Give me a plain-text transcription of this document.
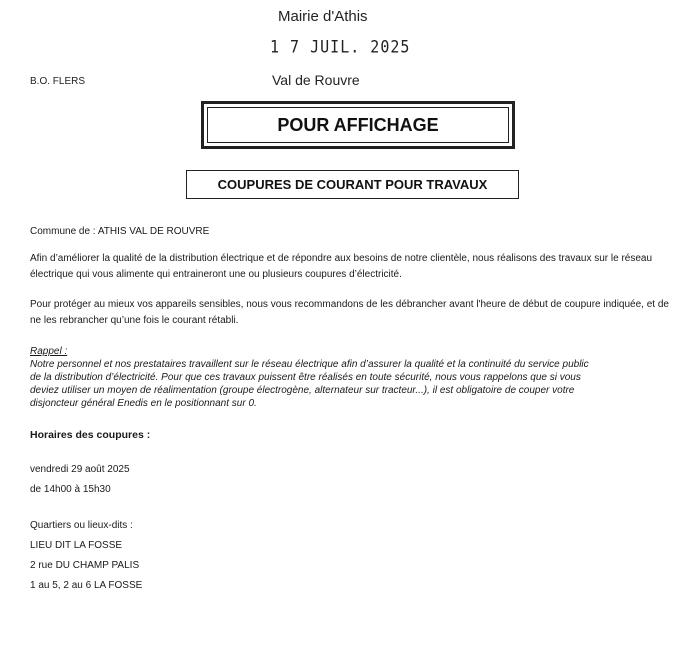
Mairie d'Athis
1 7 JUIL. 2025
Val de Rouvre
B.O. FLERS
POUR AFFICHAGE
COUPURES DE COURANT POUR TRAVAUX
Commune de : ATHIS VAL DE ROUVRE
Afin d’améliorer la qualité de la distribution électrique et de répondre aux besoins de notre clientèle, nous réalisons des travaux sur le réseau électrique qui vous alimente qui entraineront une ou plusieurs coupures d’électricité.
Pour protéger au mieux vos appareils sensibles, nous vous recommandons de les débrancher avant l'heure de début de coupure indiquée, et de ne les rebrancher qu’une fois le courant rétabli.
Rappel :
Notre personnel et nos prestataires travaillent sur le réseau électrique afin d’assurer la qualité et la continuité du service public
de la distribution d’électricité. Pour que ces travaux puissent être réalisés en toute sécurité, nous vous rappelons que si vous
deviez utiliser un moyen de réalimentation (groupe électrogène, alternateur sur tracteur...), il est obligatoire de couper votre
disjoncteur général Enedis en le positionnant sur 0.
Horaires des coupures :
vendredi 29 août 2025
de 14h00 à 15h30
Quartiers ou lieux-dits :
LIEU DIT LA FOSSE
2 rue DU CHAMP PALIS
1 au 5, 2 au 6 LA FOSSE
